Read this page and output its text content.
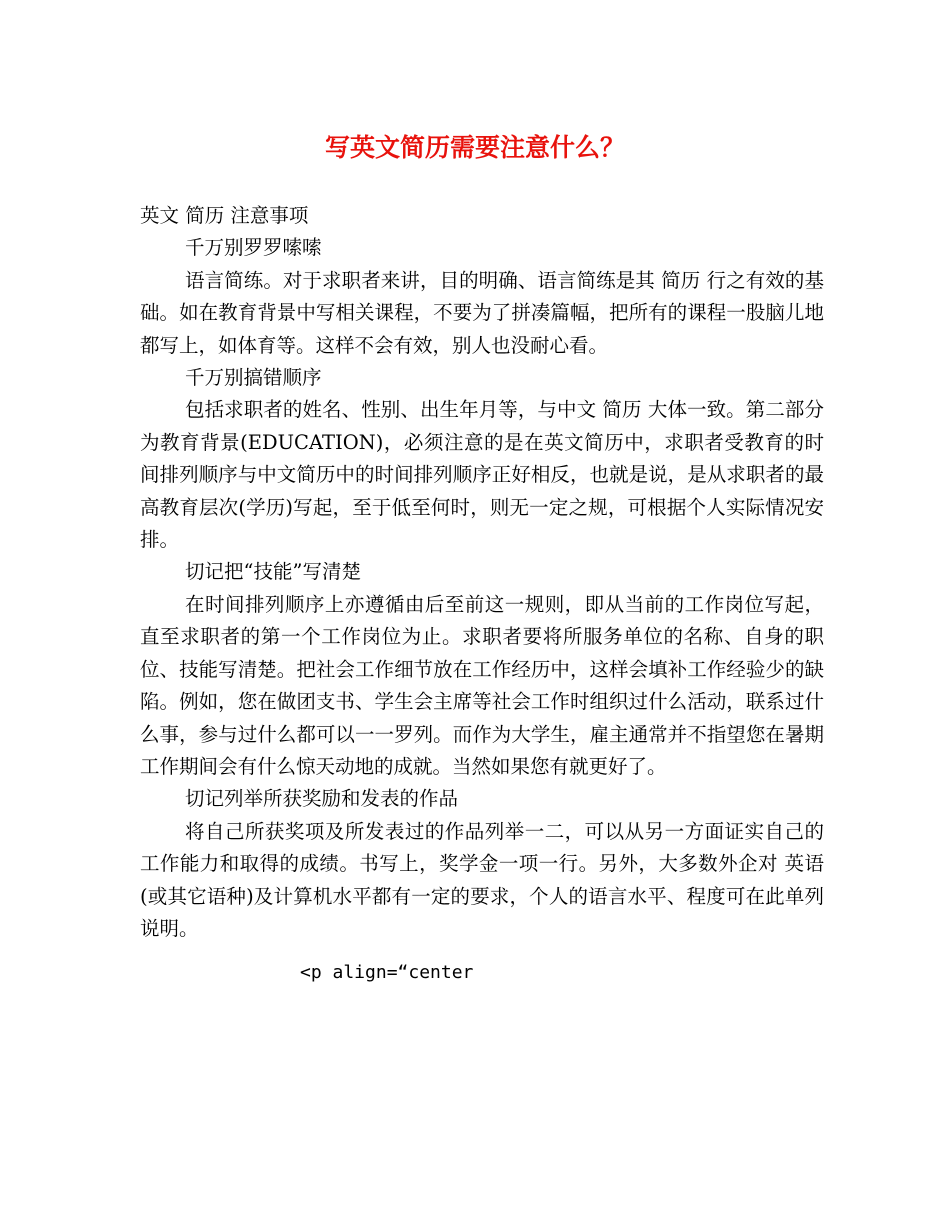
写英文简历需要注意什么？

英文 简历 注意事项

千万别罗罗嗦嗦

语言简练。对于求职者来讲，目的明确、语言简练是其 简历 行之有效的基础。如在教育背景中写相关课程，不要为了拼凑篇幅，把所有的课程一股脑儿地都写上，如体育等。这样不会有效，别人也没耐心看。

千万别搞错顺序

包括求职者的姓名、性别、出生年月等，与中文 简历 大体一致。第二部分为教育背景(EDUCATION)，必须注意的是在英文简历中，求职者受教育的时间排列顺序与中文简历中的时间排列顺序正好相反，也就是说，是从求职者的最高教育层次(学历)写起，至于低至何时，则无一定之规，可根据个人实际情况安排。

切记把“技能”写清楚

在时间排列顺序上亦遵循由后至前这一规则，即从当前的工作岗位写起，直至求职者的第一个工作岗位为止。求职者要将所服务单位的名称、自身的职位、技能写清楚。把社会工作细节放在工作经历中，这样会填补工作经验少的缺陷。例如，您在做团支书、学生会主席等社会工作时组织过什么活动，联系过什么事，参与过什么都可以一一罗列。而作为大学生，雇主通常并不指望您在暑期工作期间会有什么惊天动地的成就。当然如果您有就更好了。

切记列举所获奖励和发表的作品

将自己所获奖项及所发表过的作品列举一二，可以从另一方面证实自己的工作能力和取得的成绩。书写上，奖学金一项一行。另外，大多数外企对 英语 (或其它语种)及计算机水平都有一定的要求，个人的语言水平、程度可在此单列说明。

<p align=“center
